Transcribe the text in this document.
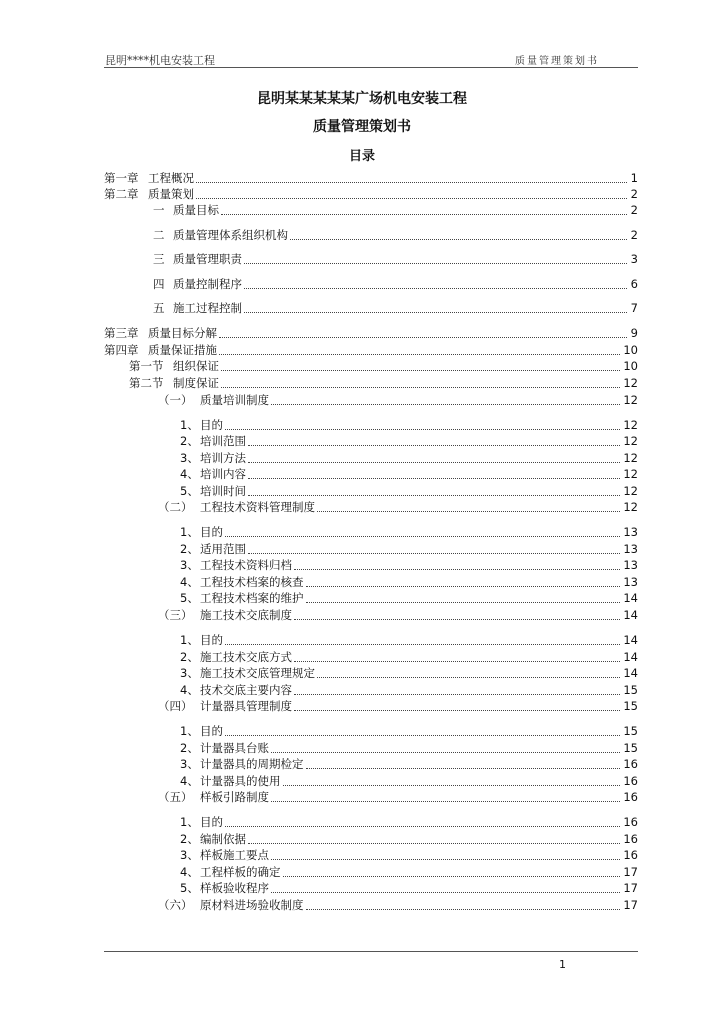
昆明****机电安装工程	质量管理策划书
昆明某某某某某广场机电安装工程
质量管理策划书
目录
第一章 工程概况	1
第二章 质量策划	2
一 质量目标	2
二 质量管理体系组织机构	2
三 质量管理职责	3
四 质量控制程序	6
五 施工过程控制	7
第三章 质量目标分解	9
第四章 质量保证措施	10
第一节 组织保证	10
第二节 制度保证	12
（一） 质量培训制度	12
1、 目的	12
2、 培训范围	12
3、 培训方法	12
4、 培训内容	12
5、 培训时间	12
（二） 工程技术资料管理制度	12
1、 目的	13
2、 适用范围	13
3、 工程技术资料归档	13
4、 工程技术档案的核查	13
5、 工程技术档案的维护	14
（三） 施工技术交底制度	14
1、 目的	14
2、 施工技术交底方式	14
3、 施工技术交底管理规定	14
4、 技术交底主要内容	15
（四） 计量器具管理制度	15
1、 目的	15
2、 计量器具台账	15
3、 计量器具的周期检定	16
4、 计量器具的使用	16
（五） 样板引路制度	16
1、 目的	16
2、 编制依据	16
3、 样板施工要点	16
4、 工程样板的确定	17
5、 样板验收程序	17
（六） 原材料进场验收制度	17
1
